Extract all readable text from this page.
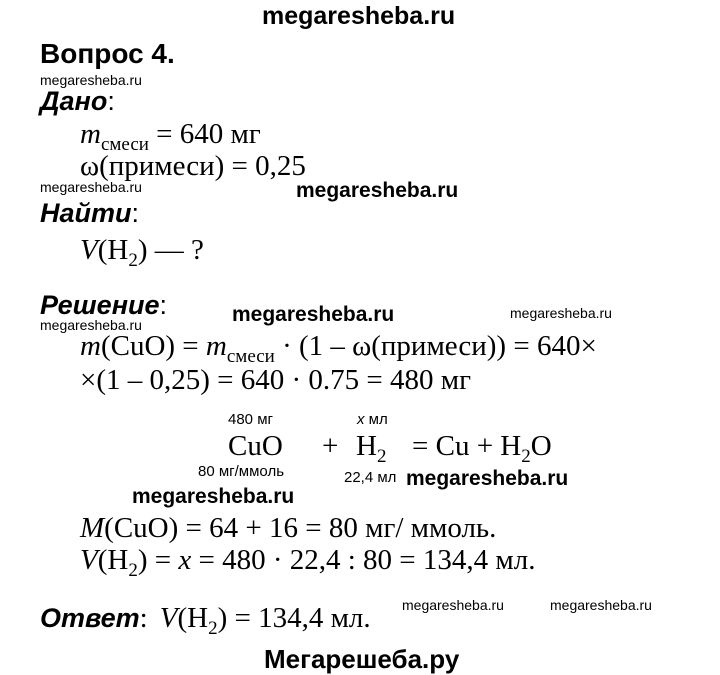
megaresheba.ru
Вопрос 4.
megaresheba.ru
Дано:
$m_{смеси} = 640$ мг
ω(примеси) = 0,25
megaresheba.ru	megaresheba.ru
Найти:
$V(H_2)$ — ?
Решение:
megaresheba.ru	megaresheba.ru	megaresheba.ru
$m(CuO) = m_{смеси} \cdot (1$ – ω(примеси)) = 640×
×(1 – 0,25) = 640 · 0.75 = 480 мг
480 мг	x мл
CuO + $H_2 = Cu + H_2O$
80 мг/ммоль	22,4 мл megaresheba.ru
megaresheba.ru
M(CuO) = 64 + 16 = 80 мг/ ммоль.
$V(H_2) = x = 480 \cdot 22,4$ : 80 = 134,4 мл.
megaresheba.ru	megaresheba.ru
Ответ: $V(H_2) = 134,4$ мл.
Мегарешеба.ру
